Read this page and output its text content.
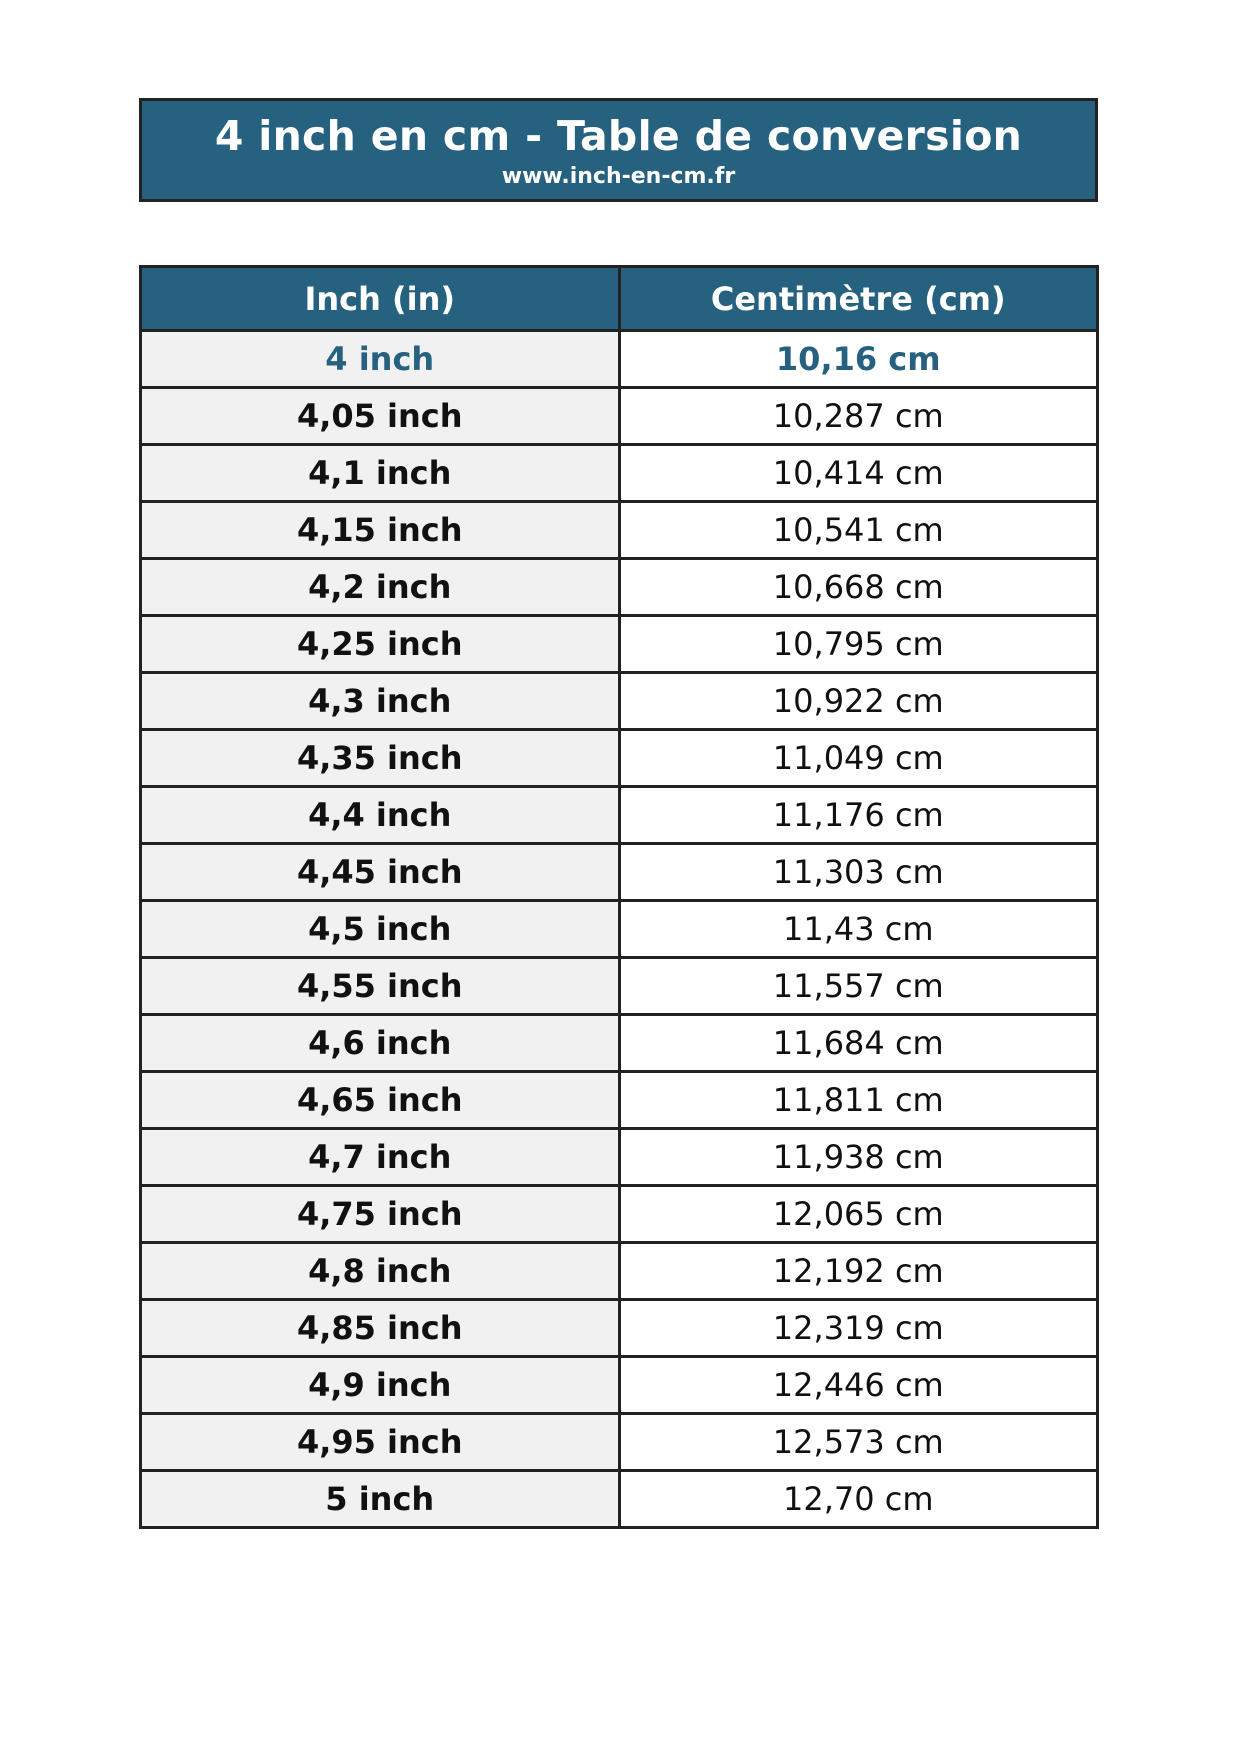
4 inch en cm - Table de conversion
www.inch-en-cm.fr
Inch (in)	Centimètre (cm)
4 inch	10,16 cm
4,05 inch	10,287 cm
4,1 inch	10,414 cm
4,15 inch	10,541 cm
4,2 inch	10,668 cm
4,25 inch	10,795 cm
4,3 inch	10,922 cm
4,35 inch	11,049 cm
4,4 inch	11,176 cm
4,45 inch	11,303 cm
4,5 inch	11,43 cm
4,55 inch	11,557 cm
4,6 inch	11,684 cm
4,65 inch	11,811 cm
4,7 inch	11,938 cm
4,75 inch	12,065 cm
4,8 inch	12,192 cm
4,85 inch	12,319 cm
4,9 inch	12,446 cm
4,95 inch	12,573 cm
5 inch	12,70 cm
